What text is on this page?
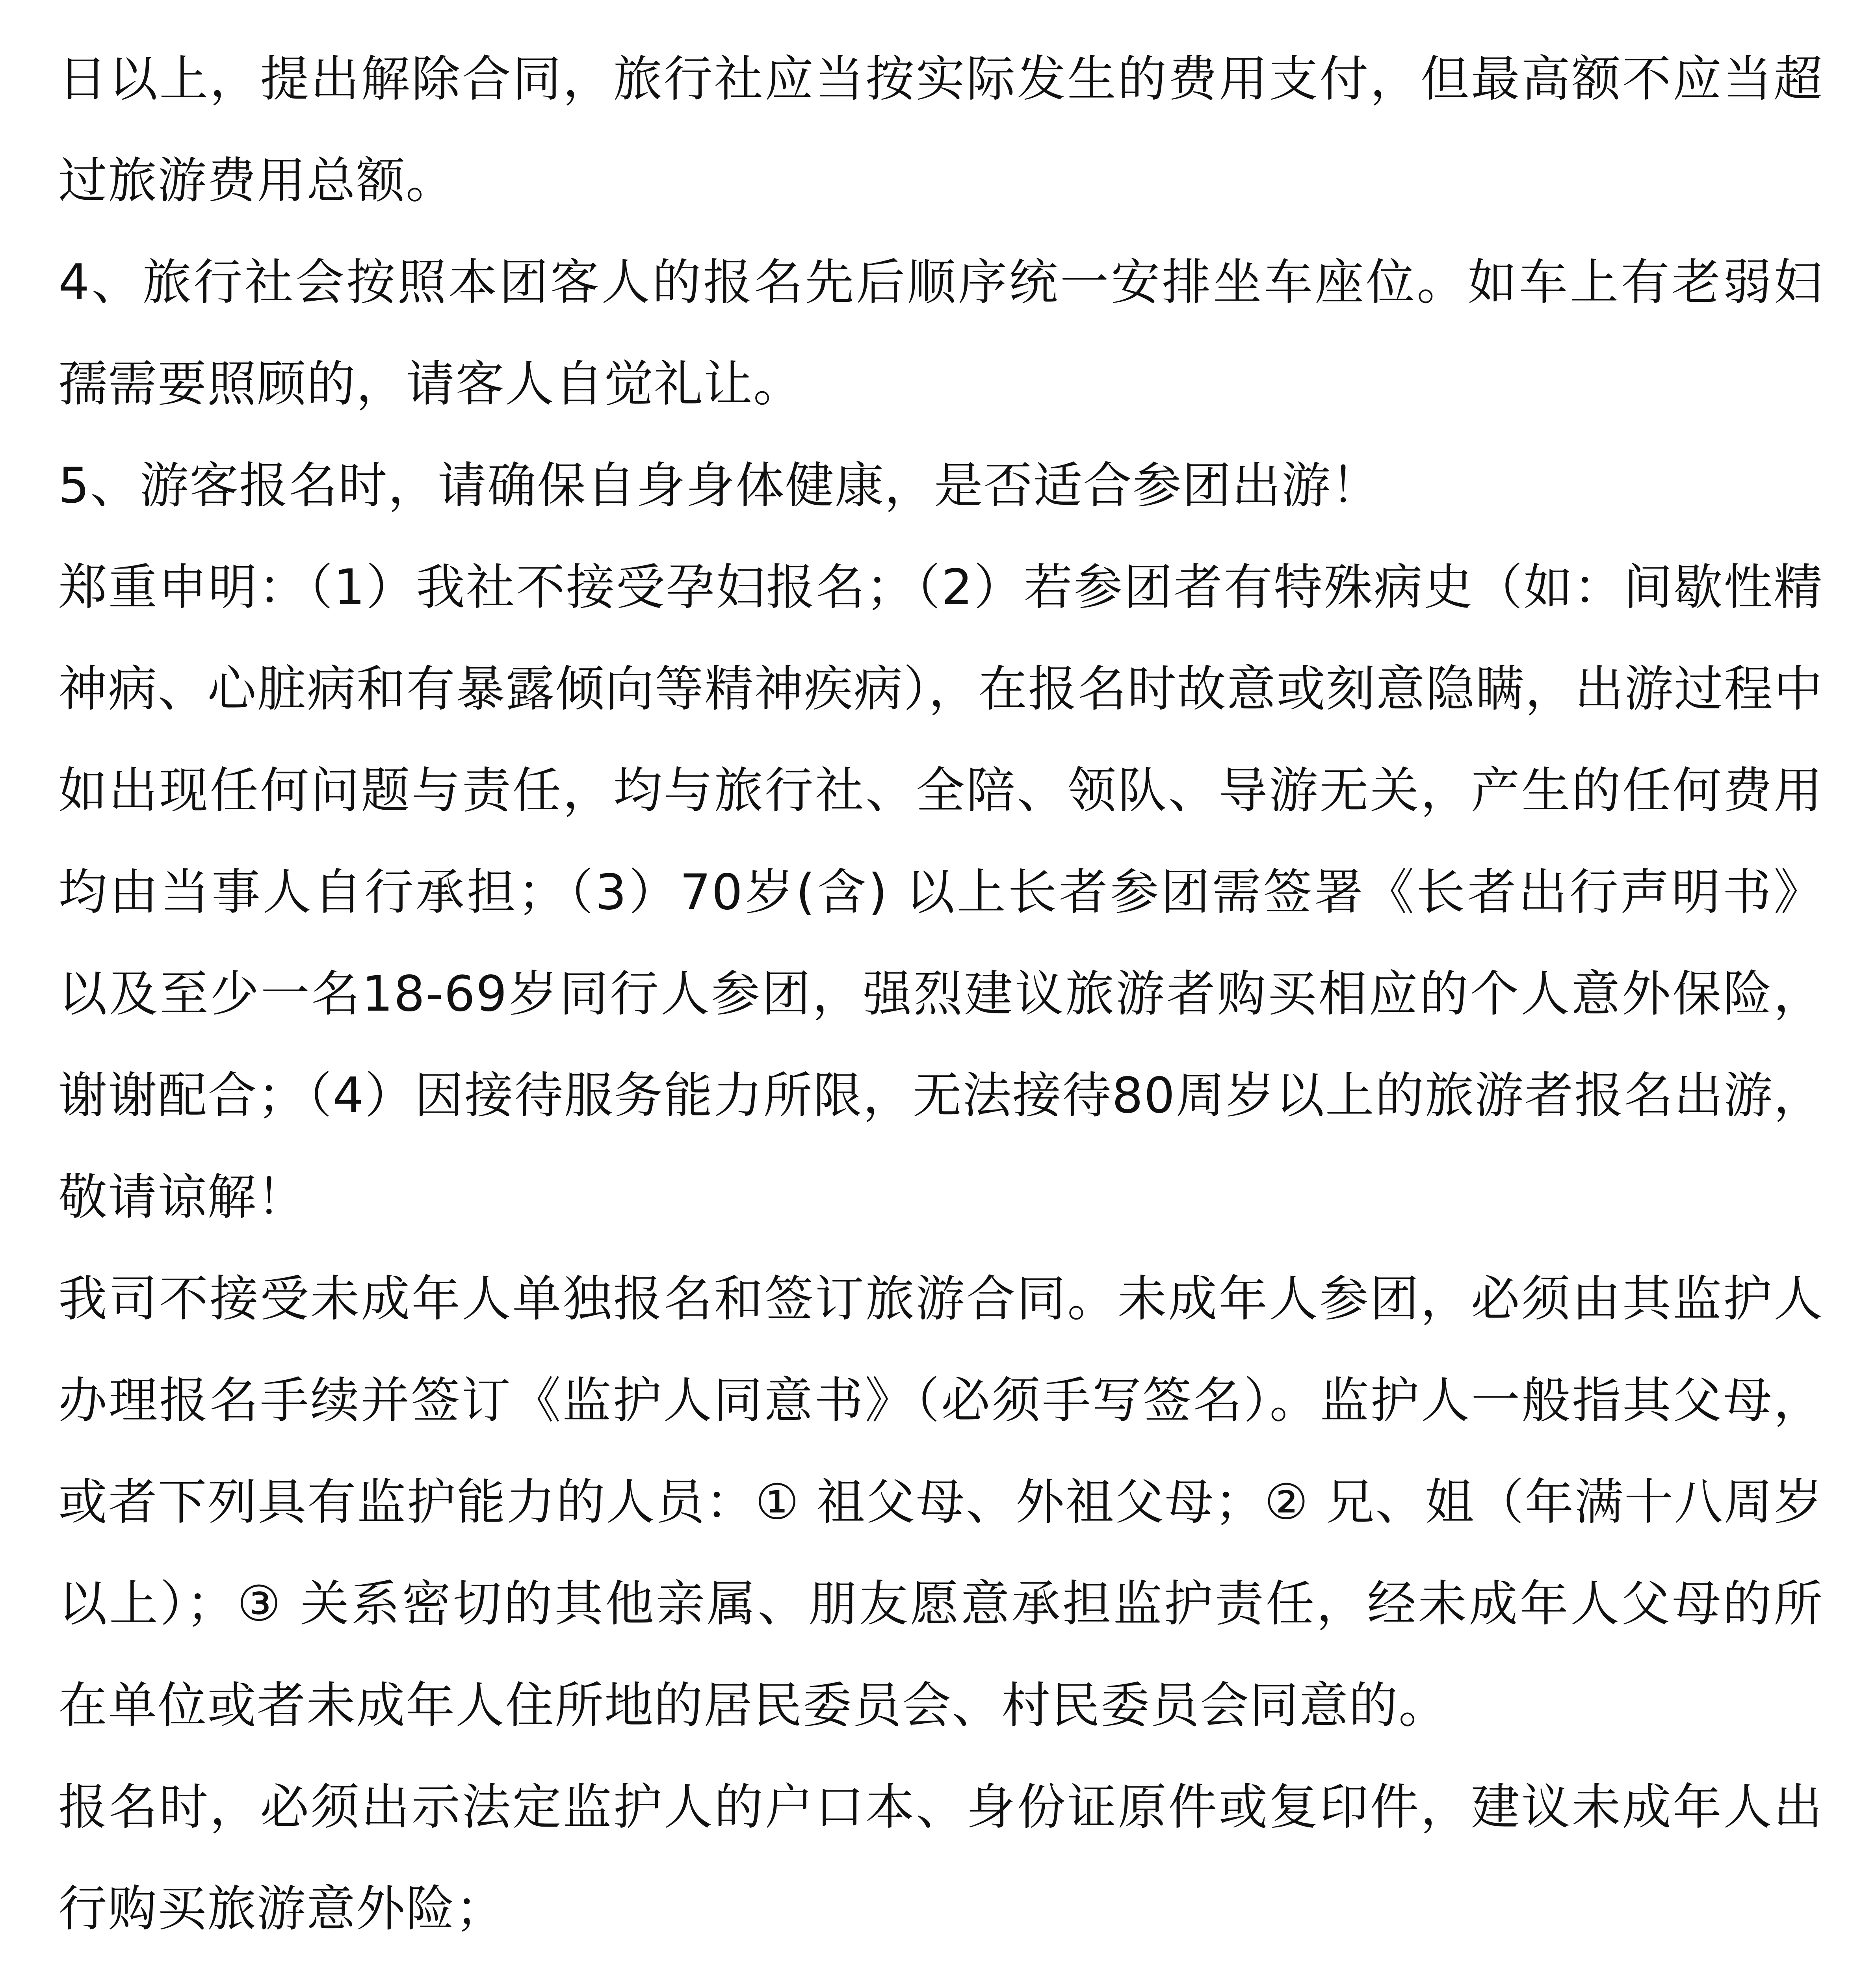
日以上，提出解除合同，旅行社应当按实际发生的费用支付，但最高额不应当超过旅游费用总额。

4、旅行社会按照本团客人的报名先后顺序统一安排坐车座位。如车上有老弱妇孺需要照顾的，请客人自觉礼让。

5、游客报名时，请确保自身身体健康，是否适合参团出游！

郑重申明：（1）我社不接受孕妇报名；（2）若参团者有特殊病史（如：间歇性精神病、心脏病和有暴露倾向等精神疾病），在报名时故意或刻意隐瞒，出游过程中如出现任何问题与责任，均与旅行社、全陪、领队、导游无关，产生的任何费用均由当事人自行承担；（3）70岁(含) 以上长者参团需签署《长者出行声明书》以及至少一名18-69岁同行人参团，强烈建议旅游者购买相应的个人意外保险，谢谢配合；（4）因接待服务能力所限，无法接待80周岁以上的旅游者报名出游，敬请谅解！

我司不接受未成年人单独报名和签订旅游合同。未成年人参团，必须由其监护人办理报名手续并签订《监护人同意书》（必须手写签名）。监护人一般指其父母，或者下列具有监护能力的人员：① 祖父母、外祖父母；② 兄、姐（年满十八周岁以上）；③ 关系密切的其他亲属、朋友愿意承担监护责任，经未成年人父母的所在单位或者未成年人住所地的居民委员会、村民委员会同意的。

报名时，必须出示法定监护人的户口本、身份证原件或复印件，建议未成年人出行购买旅游意外险；
